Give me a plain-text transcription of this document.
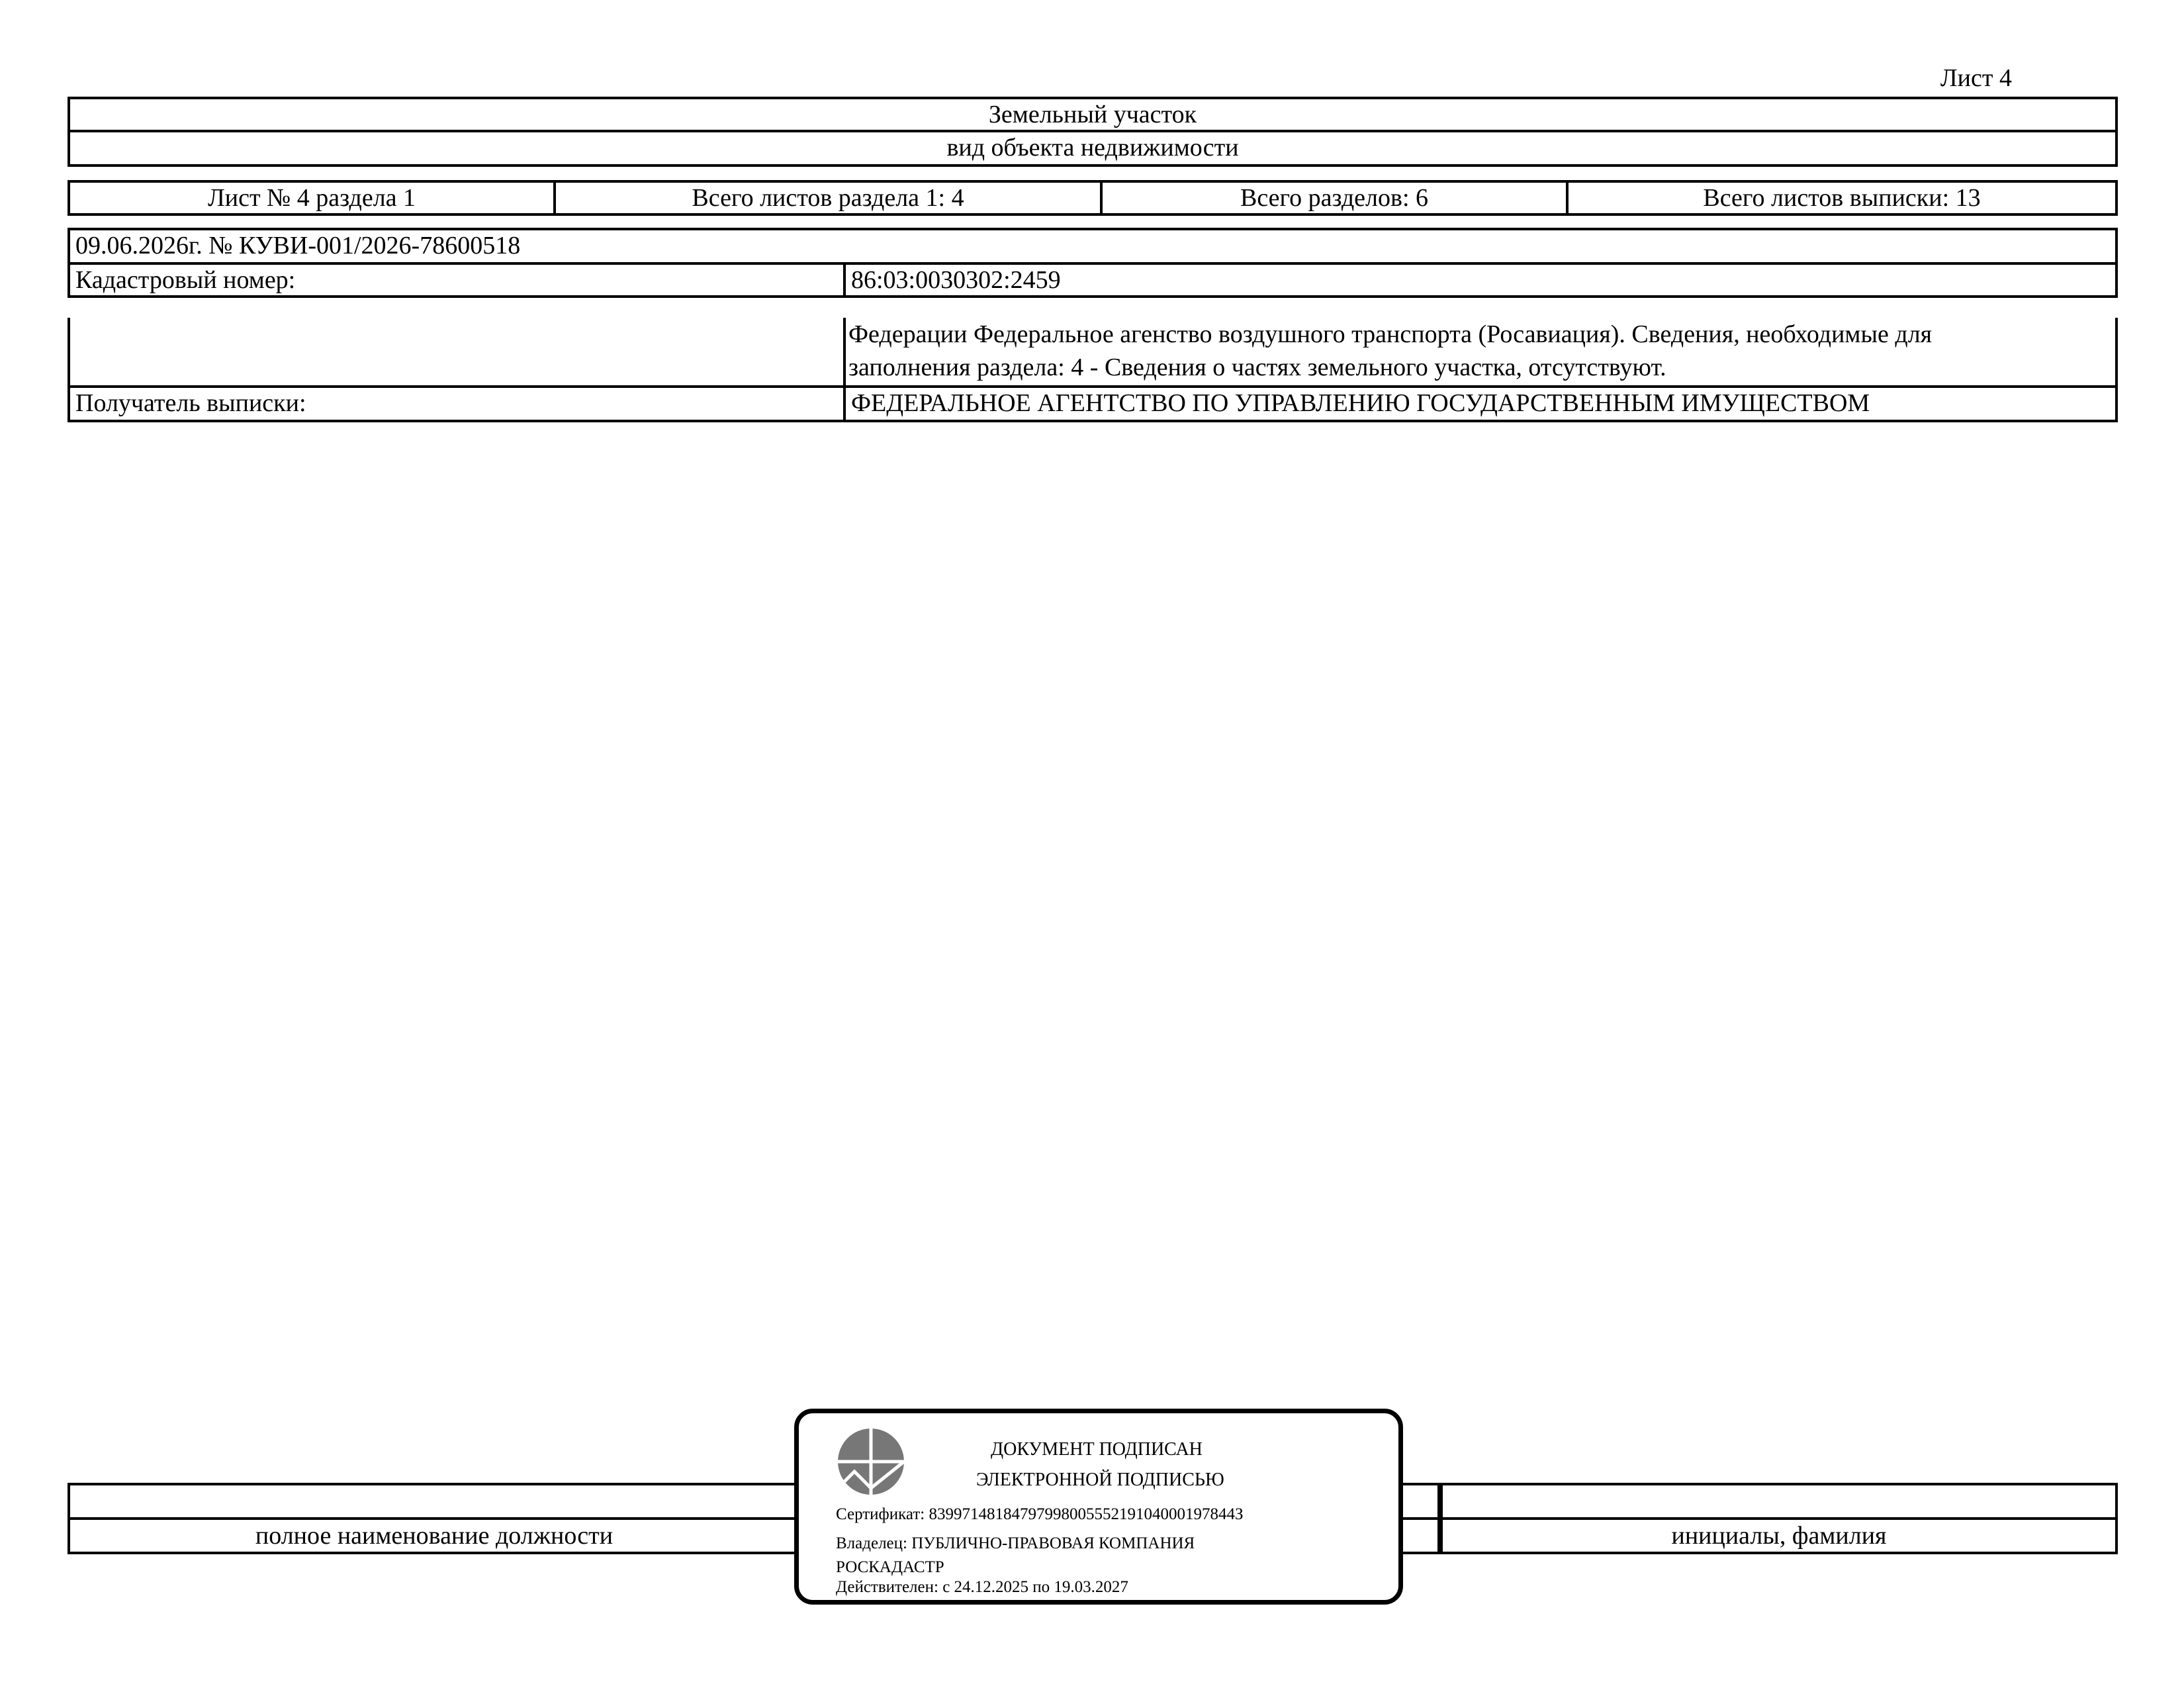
Лист 4
Земельный участок
вид объекта недвижимости
Лист № 4 раздела 1	Всего листов раздела 1: 4	Всего разделов: 6	Всего листов выписки: 13
09.06.2026г. № КУВИ-001/2026-78600518
Кадастровый номер:	86:03:0030302:2459
Федерации Федеральное агенство воздушного транспорта (Росавиация). Сведения, необходимые для
заполнения раздела: 4 - Сведения о частях земельного участка, отсутствуют.
Получатель выписки:	ФЕДЕРАЛЬНОЕ АГЕНТСТВО ПО УПРАВЛЕНИЮ ГОСУДАРСТВЕННЫМ ИМУЩЕСТВОМ
полное наименование должности	инициалы, фамилия
ДОКУМЕНТ ПОДПИСАН
ЭЛЕКТРОННОЙ ПОДПИСЬЮ
Сертификат: 8399714818479799800555219104000197844З
Владелец: ПУБЛИЧНО-ПРАВОВАЯ КОМПАНИЯ
РОСКАДАСТР
Действителен: с 24.12.2025 по 19.03.2027
